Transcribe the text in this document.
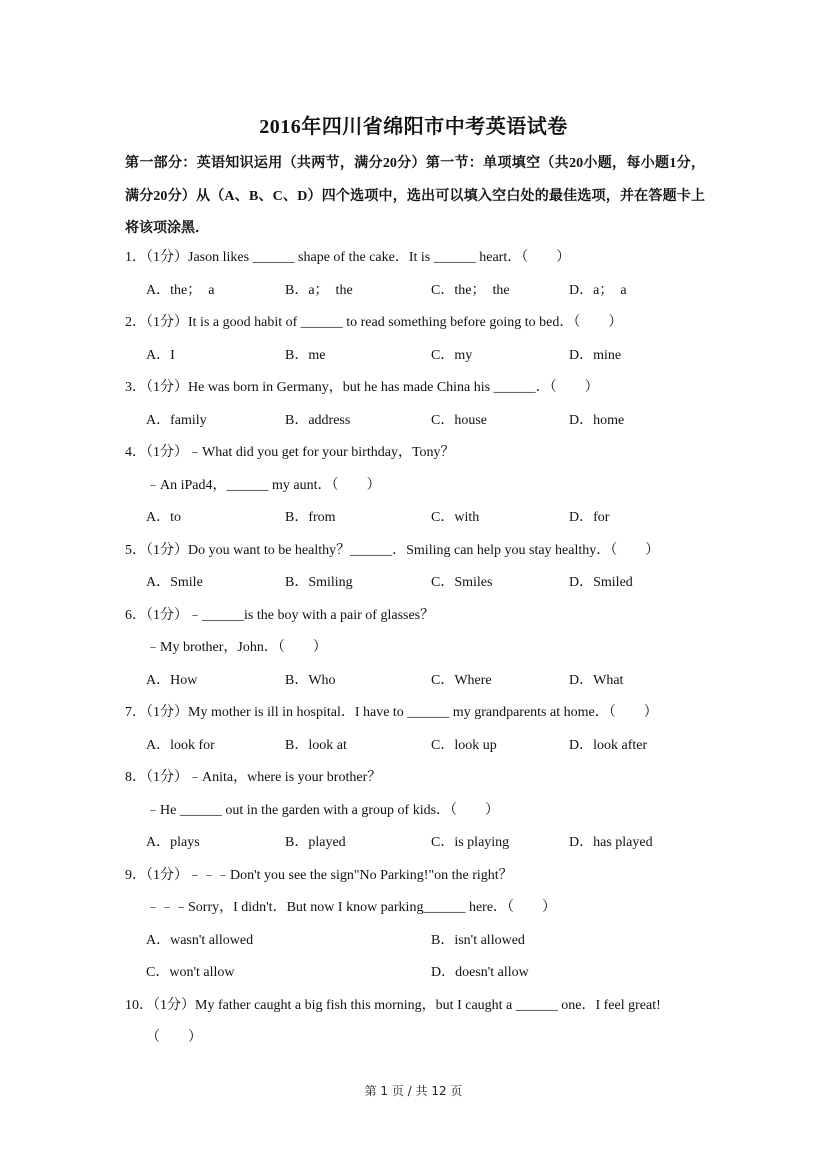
2016年四川省绵阳市中考英语试卷
第一部分：英语知识运用（共两节，满分20分）第一节：单项填空（共20小题，每小题1分，满分20分）从（A、B、C、D）四个选项中，选出可以填入空白处的最佳选项，并在答题卡上将该项涂黑．
1．（1分）Jason likes ______ shape of the cake．It is ______ heart．（　　）
A．the；　a	B．a；　the	C．the；　the	D．a；　a
2．（1分）It is a good habit of ______ to read something before going to bed．（　　）
A．I	B．me	C．my	D．mine
3．（1分）He was born in Germany，but he has made China his ______．（　　）
A．family	B．address	C．house	D．home
4．（1分）﹣What did you get for your birthday，Tony？
﹣An iPad4，______ my aunt．（　　）
A．to	B．from	C．with	D．for
5．（1分）Do you want to be healthy？______．Smiling can help you stay healthy．（　　）
A．Smile	B．Smiling	C．Smiles	D．Smiled
6．（1分）﹣______is the boy with a pair of glasses？
﹣My brother，John．（　　）
A．How	B．Who	C．Where	D．What
7．（1分）My mother is ill in hospital．I have to ______ my grandparents at home．（　　）
A．look for	B．look at	C．look up	D．look after
8．（1分）﹣Anita，where is your brother？
﹣He ______ out in the garden with a group of kids．（　　）
A．plays	B．played	C．is playing	D．has played
9．（1分）﹣﹣﹣Don't you see the sign"No Parking!"on the right？
﹣﹣﹣Sorry，I didn't．But now I know parking______ here．（　　）
A．wasn't allowed	B．isn't allowed
C．won't allow	D．doesn't allow
10．（1分）My father caught a big fish this morning，but I caught a ______ one．I feel great!
（　　）
第 1 页 / 共 12 页
